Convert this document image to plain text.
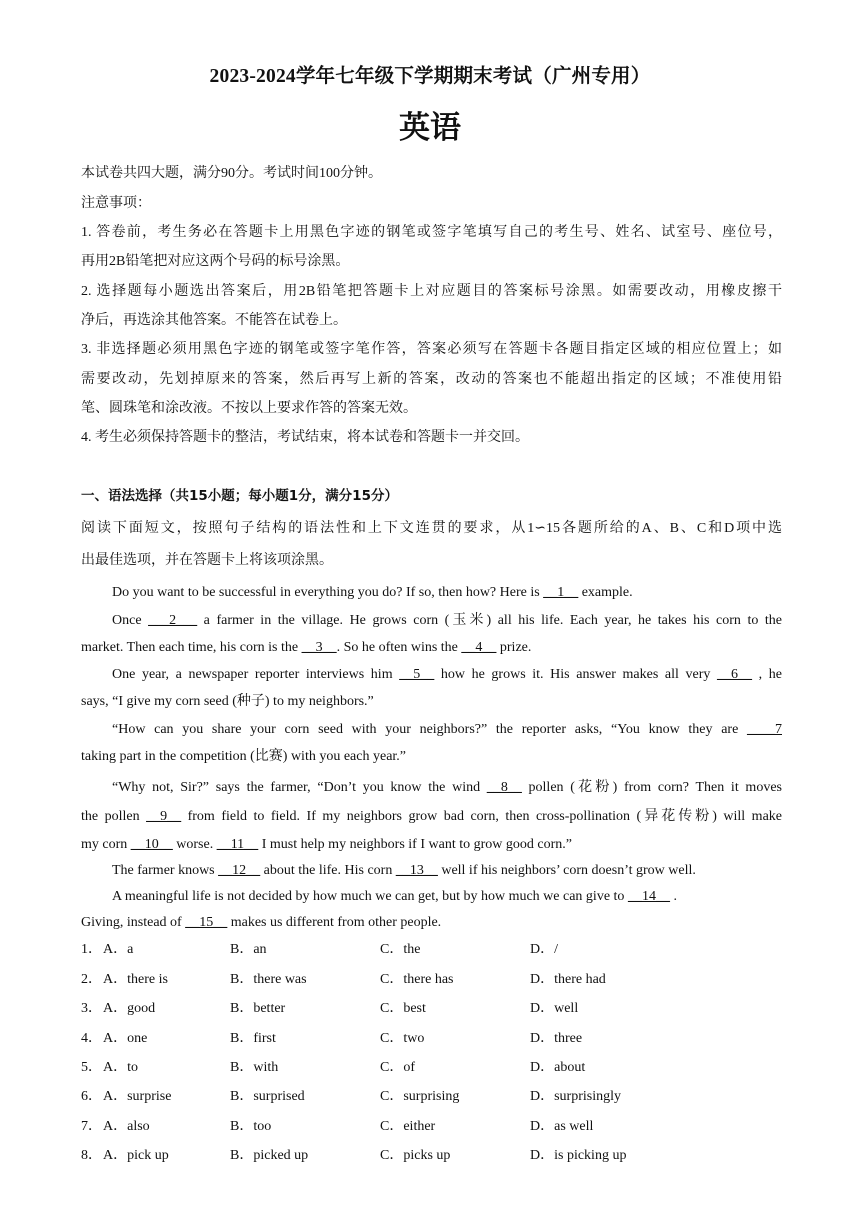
2023-2024学年七年级下学期期末考试（广州专用）
英语
本试卷共四大题，满分90分。考试时间100分钟。
注意事项：
1. 答卷前，考生务必在答题卡上用黑色字迹的钢笔或签字笔填写自己的考生号、姓名、试室号、座位号，
再用2B铅笔把对应这两个号码的标号涂黑。
2. 选择题每小题选出答案后，用2B铅笔把答题卡上对应题目的答案标号涂黑。如需要改动，用橡皮擦干
净后，再选涂其他答案。不能答在试卷上。
3. 非选择题必须用黑色字迹的钢笔或签字笔作答，答案必须写在答题卡各题目指定区域的相应位置上；如
需要改动，先划掉原来的答案，然后再写上新的答案，改动的答案也不能超出指定的区域；不准使用铅
笔、圆珠笔和涂改液。不按以上要求作答的答案无效。
4. 考生必须保持答题卡的整洁，考试结束，将本试卷和答题卡一并交回。
一、语法选择（共15小题；每小题1分，满分15分）
阅读下面短文，按照句子结构的语法性和上下文连贯的要求，从1∽15各题所给的A、B、C和D项中选
出最佳选项，并在答题卡上将该项涂黑。
Do you want to be successful in everything you do? If so, then how? Here is __1__ example.
Once ___2___ a farmer in the village. He grows corn (玉米) all his life. Each year, he takes his corn to the
market. Then each time, his corn is the __3__. So he often wins the __4__ prize.
One year, a newspaper reporter interviews him __5__ how he grows it. His answer makes all very __6__ , he
says, “I give my corn seed (种子) to my neighbors.”
“How can you share your corn seed with your neighbors?” the reporter asks, “You know they are ____7
taking part in the competition (比赛) with you each year.”
“Why not, Sir?” says the farmer, “Don’t you know the wind __8__ pollen (花粉) from corn? Then it moves
the pollen __9__ from field to field. If my neighbors grow bad corn, then cross-pollination (异花传粉) will make
my corn __10__ worse. __11__ I must help my neighbors if I want to grow good corn.”
The farmer knows __12__ about the life. His corn __13__ well if his neighbors’ corn doesn’t grow well.
A meaningful life is not decided by how much we can get, but by how much we can give to __14__ .
Giving, instead of __15__ makes us different from other people.
1． A．a	B．an	C．the	D．/
2． A．there is	B．there was	C．there has	D．there had
3． A．good	B．better	C．best	D．well
4． A．one	B．first	C．two	D．three
5． A．to	B．with	C．of	D．about
6． A．surprise	B．surprised	C．surprising	D．surprisingly
7． A．also	B．too	C．either	D．as well
8． A．pick up	B．picked up	C．picks up	D．is picking up
